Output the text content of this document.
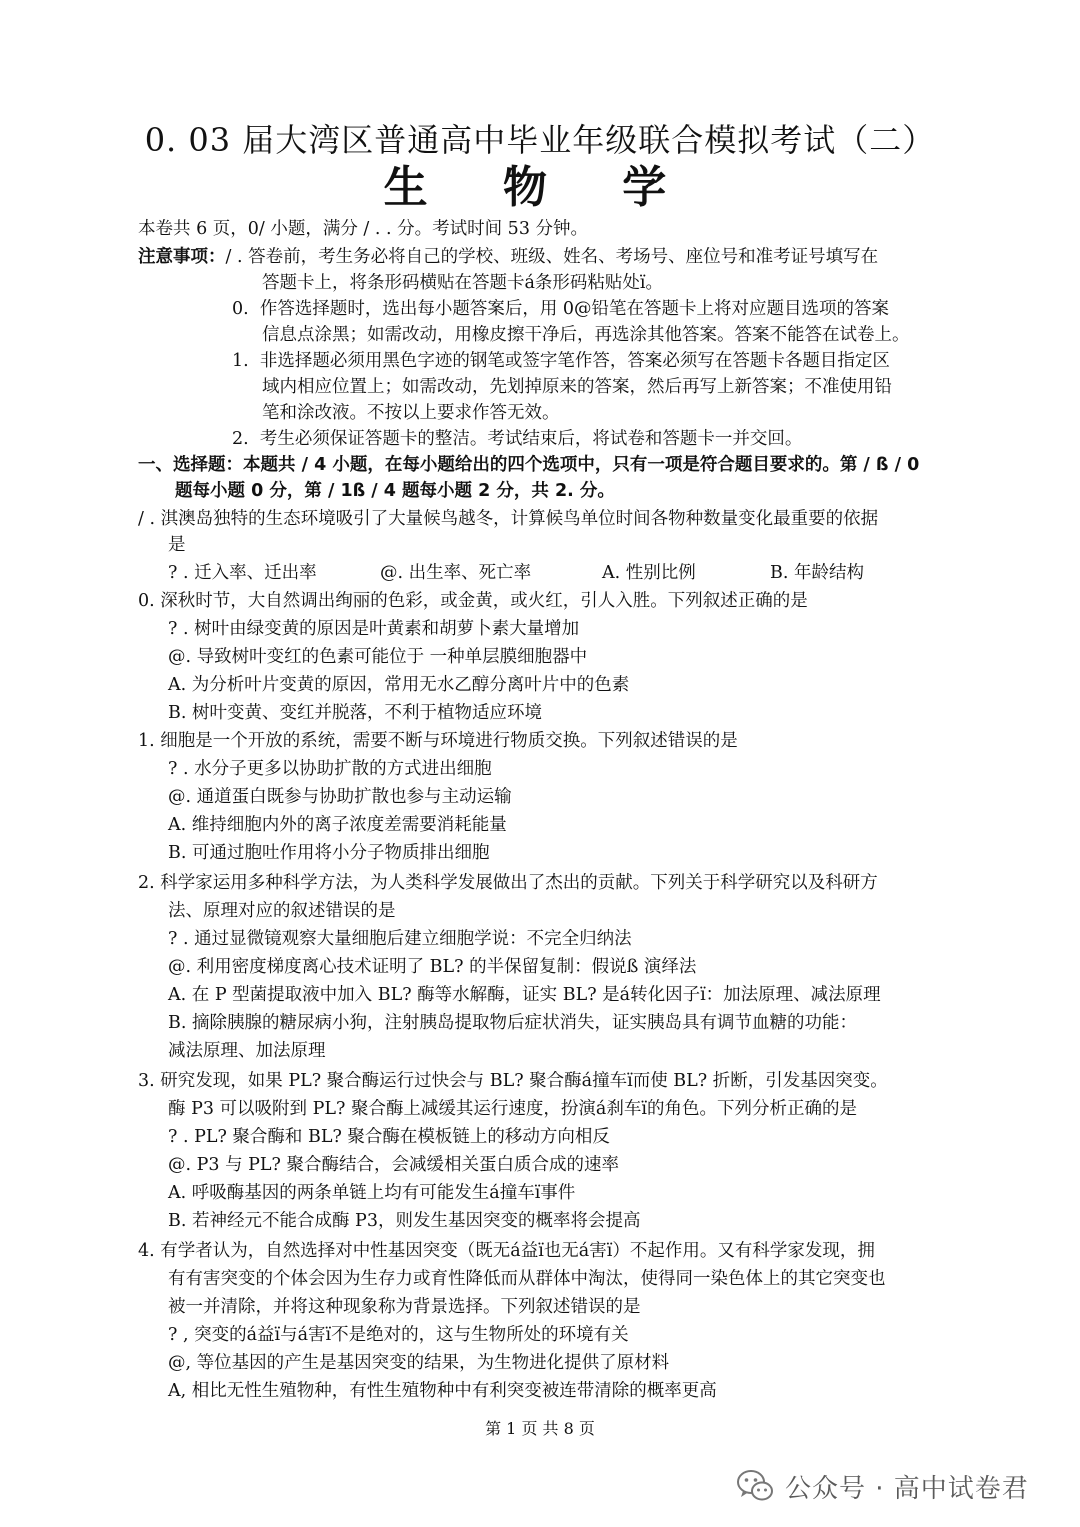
0. 03 届大湾区普通高中毕业年级联合模拟考试（二）
生 物 学
本卷共 6 页，0/ 小题，满分 / . . 分。考试时间 53 分钟。
注意事项：/ . 答卷前，考生务必将自己的学校、班级、姓名、考场号、座位号和准考证号填写在
答题卡上，将条形码横贴在答题卡á条形码粘贴处ï。
0. 作答选择题时，选出每小题答案后，用 0@铅笔在答题卡上将对应题目选项的答案
信息点涂黑；如需改动，用橡皮擦干净后，再选涂其他答案。答案不能答在试卷上。
1. 非选择题必须用黑色字迹的钢笔或签字笔作答，答案必须写在答题卡各题目指定区
域内相应位置上；如需改动，先划掉原来的答案，然后再写上新答案；不准使用铅
笔和涂改液。不按以上要求作答无效。
2. 考生必须保证答题卡的整洁。考试结束后，将试卷和答题卡一并交回。
一、选择题：本题共 / 4 小题，在每小题给出的四个选项中，只有一项是符合题目要求的。第 / ß / 0
题每小题 0 分，第 / 1ß / 4 题每小题 2 分，共 2. 分。
/ . 淇澳岛独特的生态环境吸引了大量候鸟越冬，计算候鸟单位时间各物种数量变化最重要的依据
是
? . 迁入率、迁出率	@. 出生率、死亡率	A. 性别比例	B. 年龄结构
0. 深秋时节，大自然调出绚丽的色彩，或金黄，或火红，引人入胜。下列叙述正确的是
? . 树叶由绿变黄的原因是叶黄素和胡萝卜素大量增加
@. 导致树叶变红的色素可能位于 一种单层膜细胞器中
A. 为分析叶片变黄的原因，常用无水乙醇分离叶片中的色素
B. 树叶变黄、变红并脱落，不利于植物适应环境
1. 细胞是一个开放的系统，需要不断与环境进行物质交换。下列叙述错误的是
? . 水分子更多以协助扩散的方式进出细胞
@. 通道蛋白既参与协助扩散也参与主动运输
A. 维持细胞内外的离子浓度差需要消耗能量
B. 可通过胞吐作用将小分子物质排出细胞
2. 科学家运用多种科学方法，为人类科学发展做出了杰出的贡献。下列关于科学研究以及科研方
法、原理对应的叙述错误的是
? . 通过显微镜观察大量细胞后建立细胞学说：不完全归纳法
@. 利用密度梯度离心技术证明了 BL? 的半保留复制：假说ß 演绎法
A. 在 P 型菌提取液中加入 BL? 酶等水解酶，证实 BL? 是á转化因子ï：加法原理、减法原理
B. 摘除胰腺的糖尿病小狗，注射胰岛提取物后症状消失，证实胰岛具有调节血糖的功能：
减法原理、加法原理
3. 研究发现，如果 PL? 聚合酶运行过快会与 BL? 聚合酶á撞车ï而使 BL? 折断，引发基因突变。
酶 P3 可以吸附到 PL? 聚合酶上减缓其运行速度，扮演á刹车ï的角色。下列分析正确的是
? . PL? 聚合酶和 BL? 聚合酶在模板链上的移动方向相反
@. P3 与 PL? 聚合酶结合，会减缓相关蛋白质合成的速率
A. 呼吸酶基因的两条单链上均有可能发生á撞车ï事件
B. 若神经元不能合成酶 P3，则发生基因突变的概率将会提高
4. 有学者认为，自然选择对中性基因突变（既无á益ï也无á害ï）不起作用。又有科学家发现，拥
有有害突变的个体会因为生存力或育性降低而从群体中淘汰，使得同一染色体上的其它突变也
被一并清除，并将这种现象称为背景选择。下列叙述错误的是
? , 突变的á益ï与á害ï不是绝对的，这与生物所处的环境有关
@, 等位基因的产生是基因突变的结果，为生物进化提供了原材料
A, 相比无性生殖物种，有性生殖物种中有利突变被连带清除的概率更高
第 1 页 共 8 页
公众号 · 高中试卷君
